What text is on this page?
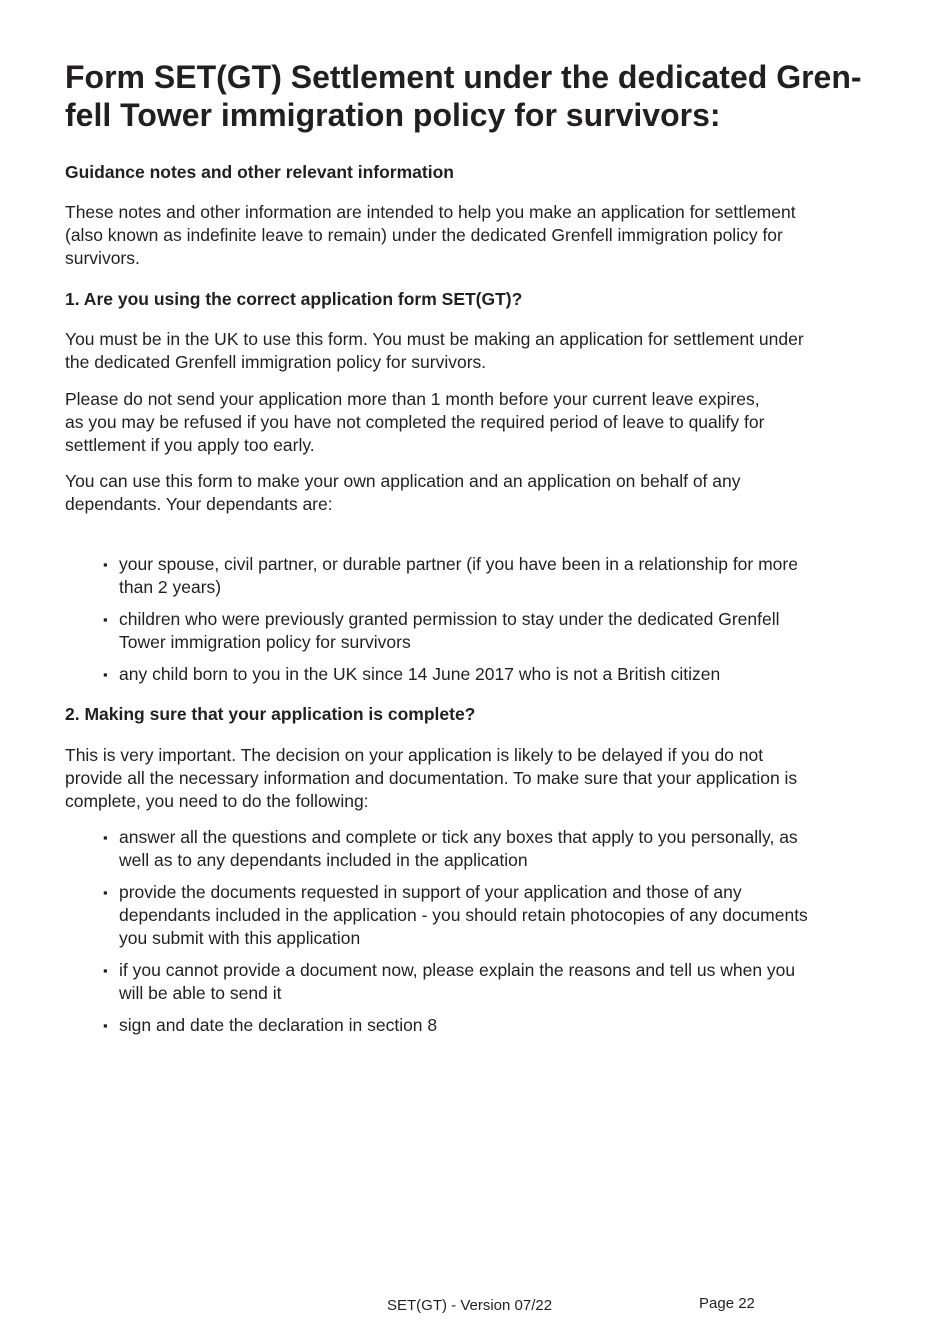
Form SET(GT) Settlement under the dedicated Gren-
fell Tower immigration policy for survivors:
Guidance notes and other relevant information

These notes and other information are intended to help you make an application for settlement
(also known as indefinite leave to remain) under the dedicated Grenfell immigration policy for
survivors.

1. Are you using the correct application form SET(GT)?

You must be in the UK to use this form. You must be making an application for settlement under
the dedicated Grenfell immigration policy for survivors.

Please do not send your application more than 1 month before your current leave expires,
as you may be refused if you have not completed the required period of leave to qualify for
settlement if you apply too early.

You can use this form to make your own application and an application on behalf of any
dependants. Your dependants are:

▪ your spouse, civil partner, or durable partner (if you have been in a relationship for more
than 2 years)
▪ children who were previously granted permission to stay under the dedicated Grenfell
Tower immigration policy for survivors
▪ any child born to you in the UK since 14 June 2017 who is not a British citizen
2. Making sure that your application is complete?

This is very important. The decision on your application is likely to be delayed if you do not
provide all the necessary information and documentation. To make sure that your application is
complete, you need to do the following:

▪ answer all the questions and complete or tick any boxes that apply to you personally, as
well as to any dependants included in the application
▪ provide the documents requested in support of your application and those of any
dependants included in the application - you should retain photocopies of any documents
you submit with this application
▪ if you cannot provide a document now, please explain the reasons and tell us when you
will be able to send it
▪ sign and date the declaration in section 8

SET(GT) - Version 07/22	Page 22
